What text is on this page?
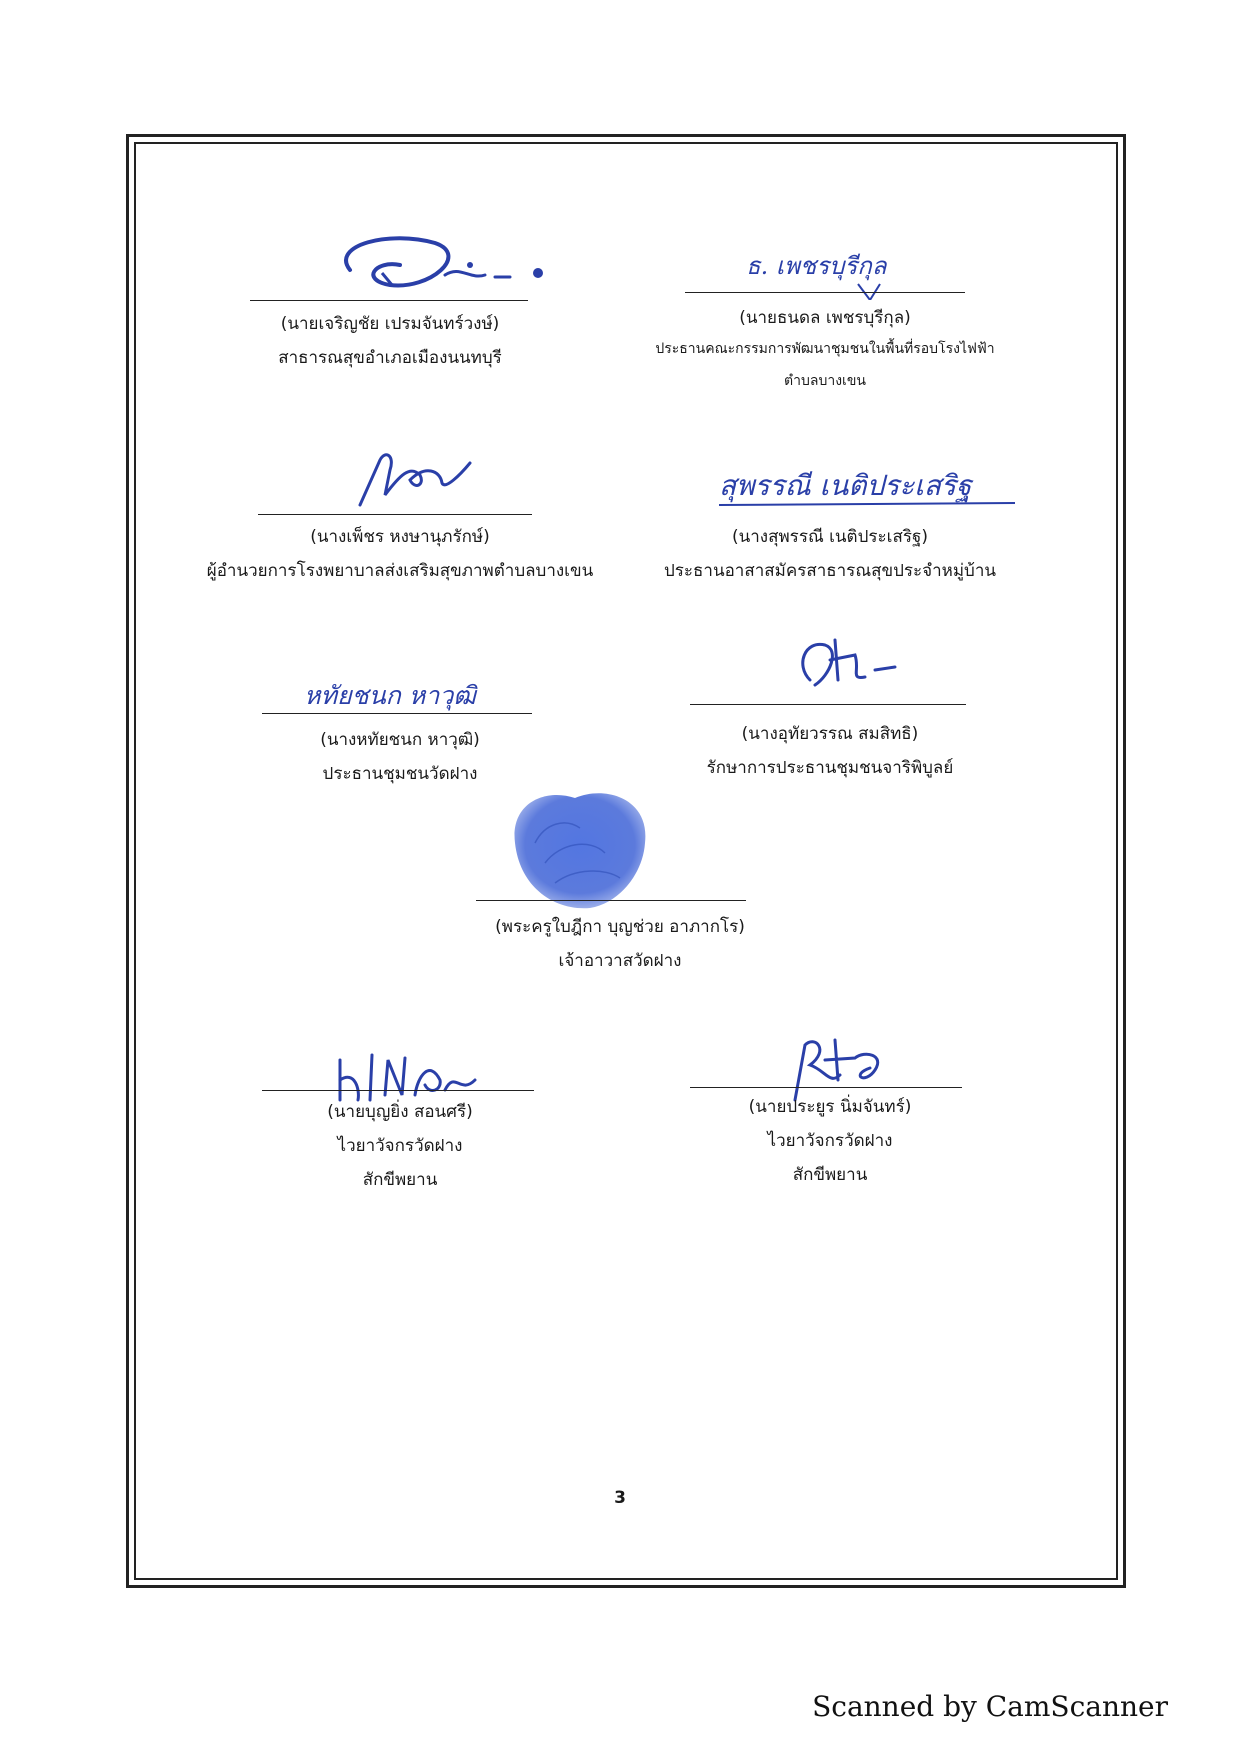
(นายเจริญชัย เปรมจันทร์วงษ์)
สาธารณสุขอำเภอเมืองนนทบุรี
ธ. เพชรบุรีกุล
(นายธนดล เพชรบุรีกุล)
ประธานคณะกรรมการพัฒนาชุมชนในพื้นที่รอบโรงไฟฟ้า
ตำบลบางเขน
(นางเพ็ชร หงษานุภรักษ์)
ผู้อำนวยการโรงพยาบาลส่งเสริมสุขภาพตำบลบางเขน
สุพรรณี เนติประเสริฐ
(นางสุพรรณี เนติประเสริฐ)
ประธานอาสาสมัครสาธารณสุขประจำหมู่บ้าน
หทัยชนก หาวุฒิ
(นางหทัยชนก หาวุฒิ)
ประธานชุมชนวัดฝาง
(นางอุทัยวรรณ สมสิทธิ)
รักษาการประธานชุมชนจาริพิบูลย์
(พระครูใบฎีกา บุญช่วย อาภากโร)
เจ้าอาวาสวัดฝาง
(นายบุญยิ่ง สอนศรี)
ไวยาวัจกรวัดฝาง
สักขีพยาน
(นายประยูร นิ่มจันทร์)
ไวยาวัจกรวัดฝาง
สักขีพยาน
3
Scanned by CamScanner
